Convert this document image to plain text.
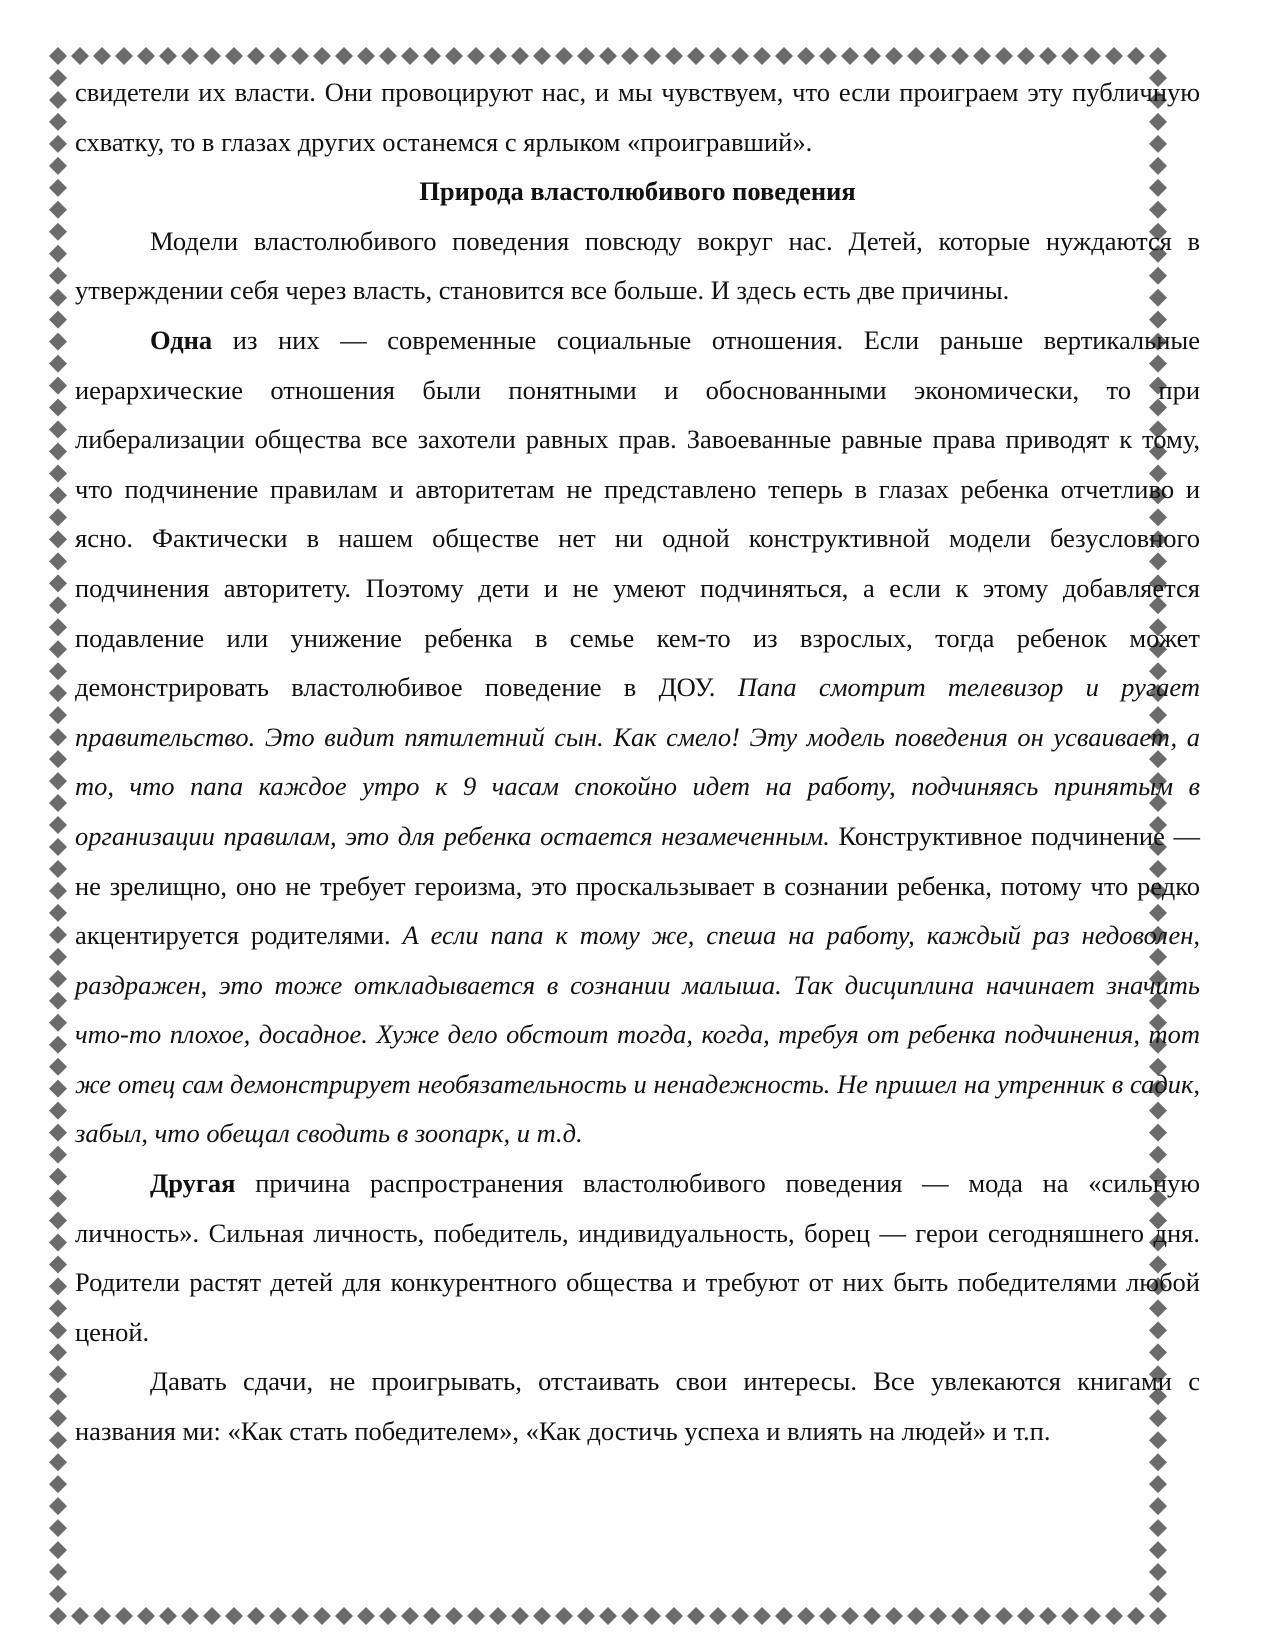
свидетели их власти. Они провоцируют нас, и мы чувствуем, что если проиграем эту публичную схватку, то в глазах других останемся с ярлыком «проигравший».

Природа властолюбивого поведения

Модели властолюбивого поведения повсюду вокруг нас. Детей, которые нуждаются в утверждении себя через власть, становится все больше. И здесь есть две причины.

Одна из них — современные социальные отношения. Если раньше вертикальные иерархические отношения были понятными и обоснованными экономически, то при либерализации общества все захотели равных прав. Завоеванные равные права приводят к тому, что подчинение правилам и авторитетам не представлено теперь в глазах ребенка отчетливо и ясно. Фактически в нашем обществе нет ни одной конструктивной модели безусловного подчинения авторитету. Поэтому дети и не умеют подчиняться, а если к этому добавляется подавление или унижение ребенка в семье кем-то из взрослых, тогда ребенок может демонстрировать властолюбивое поведение в ДОУ. Папа смотрит телевизор и ругает правительство. Это видит пятилетний сын. Как смело! Эту модель поведения он усваивает, а то, что папа каждое утро к 9 часам спокойно идет на работу, подчиняясь принятым в организации правилам, это для ребенка остается незамеченным. Конструктивное подчинение — не зрелищно, оно не требует героизма, это проскальзывает в сознании ребенка, потому что редко акцентируется родителями. А если папа к тому же, спеша на работу, каждый раз недоволен, раздражен, это тоже откладывается в сознании малыша. Так дисциплина начинает значить что-то плохое, досадное. Хуже дело обстоит тогда, когда, требуя от ребенка подчинения, тот же отец сам демонстрирует необязательность и ненадежность. Не пришел на утренник в садик, забыл, что обещал сводить в зоопарк, и т.д.

Другая причина распространения властолюбивого поведения — мода на «сильную личность». Сильная личность, победитель, индивидуальность, борец — герои сегодняшнего дня. Родители растят детей для конкурентного общества и требуют от них быть победителями любой ценой.

Давать сдачи, не проигрывать, отстаивать свои интересы. Все увлекаются книгами с названия ми: «Как стать победителем», «Как достичь успеха и влиять на людей» и т.п.
